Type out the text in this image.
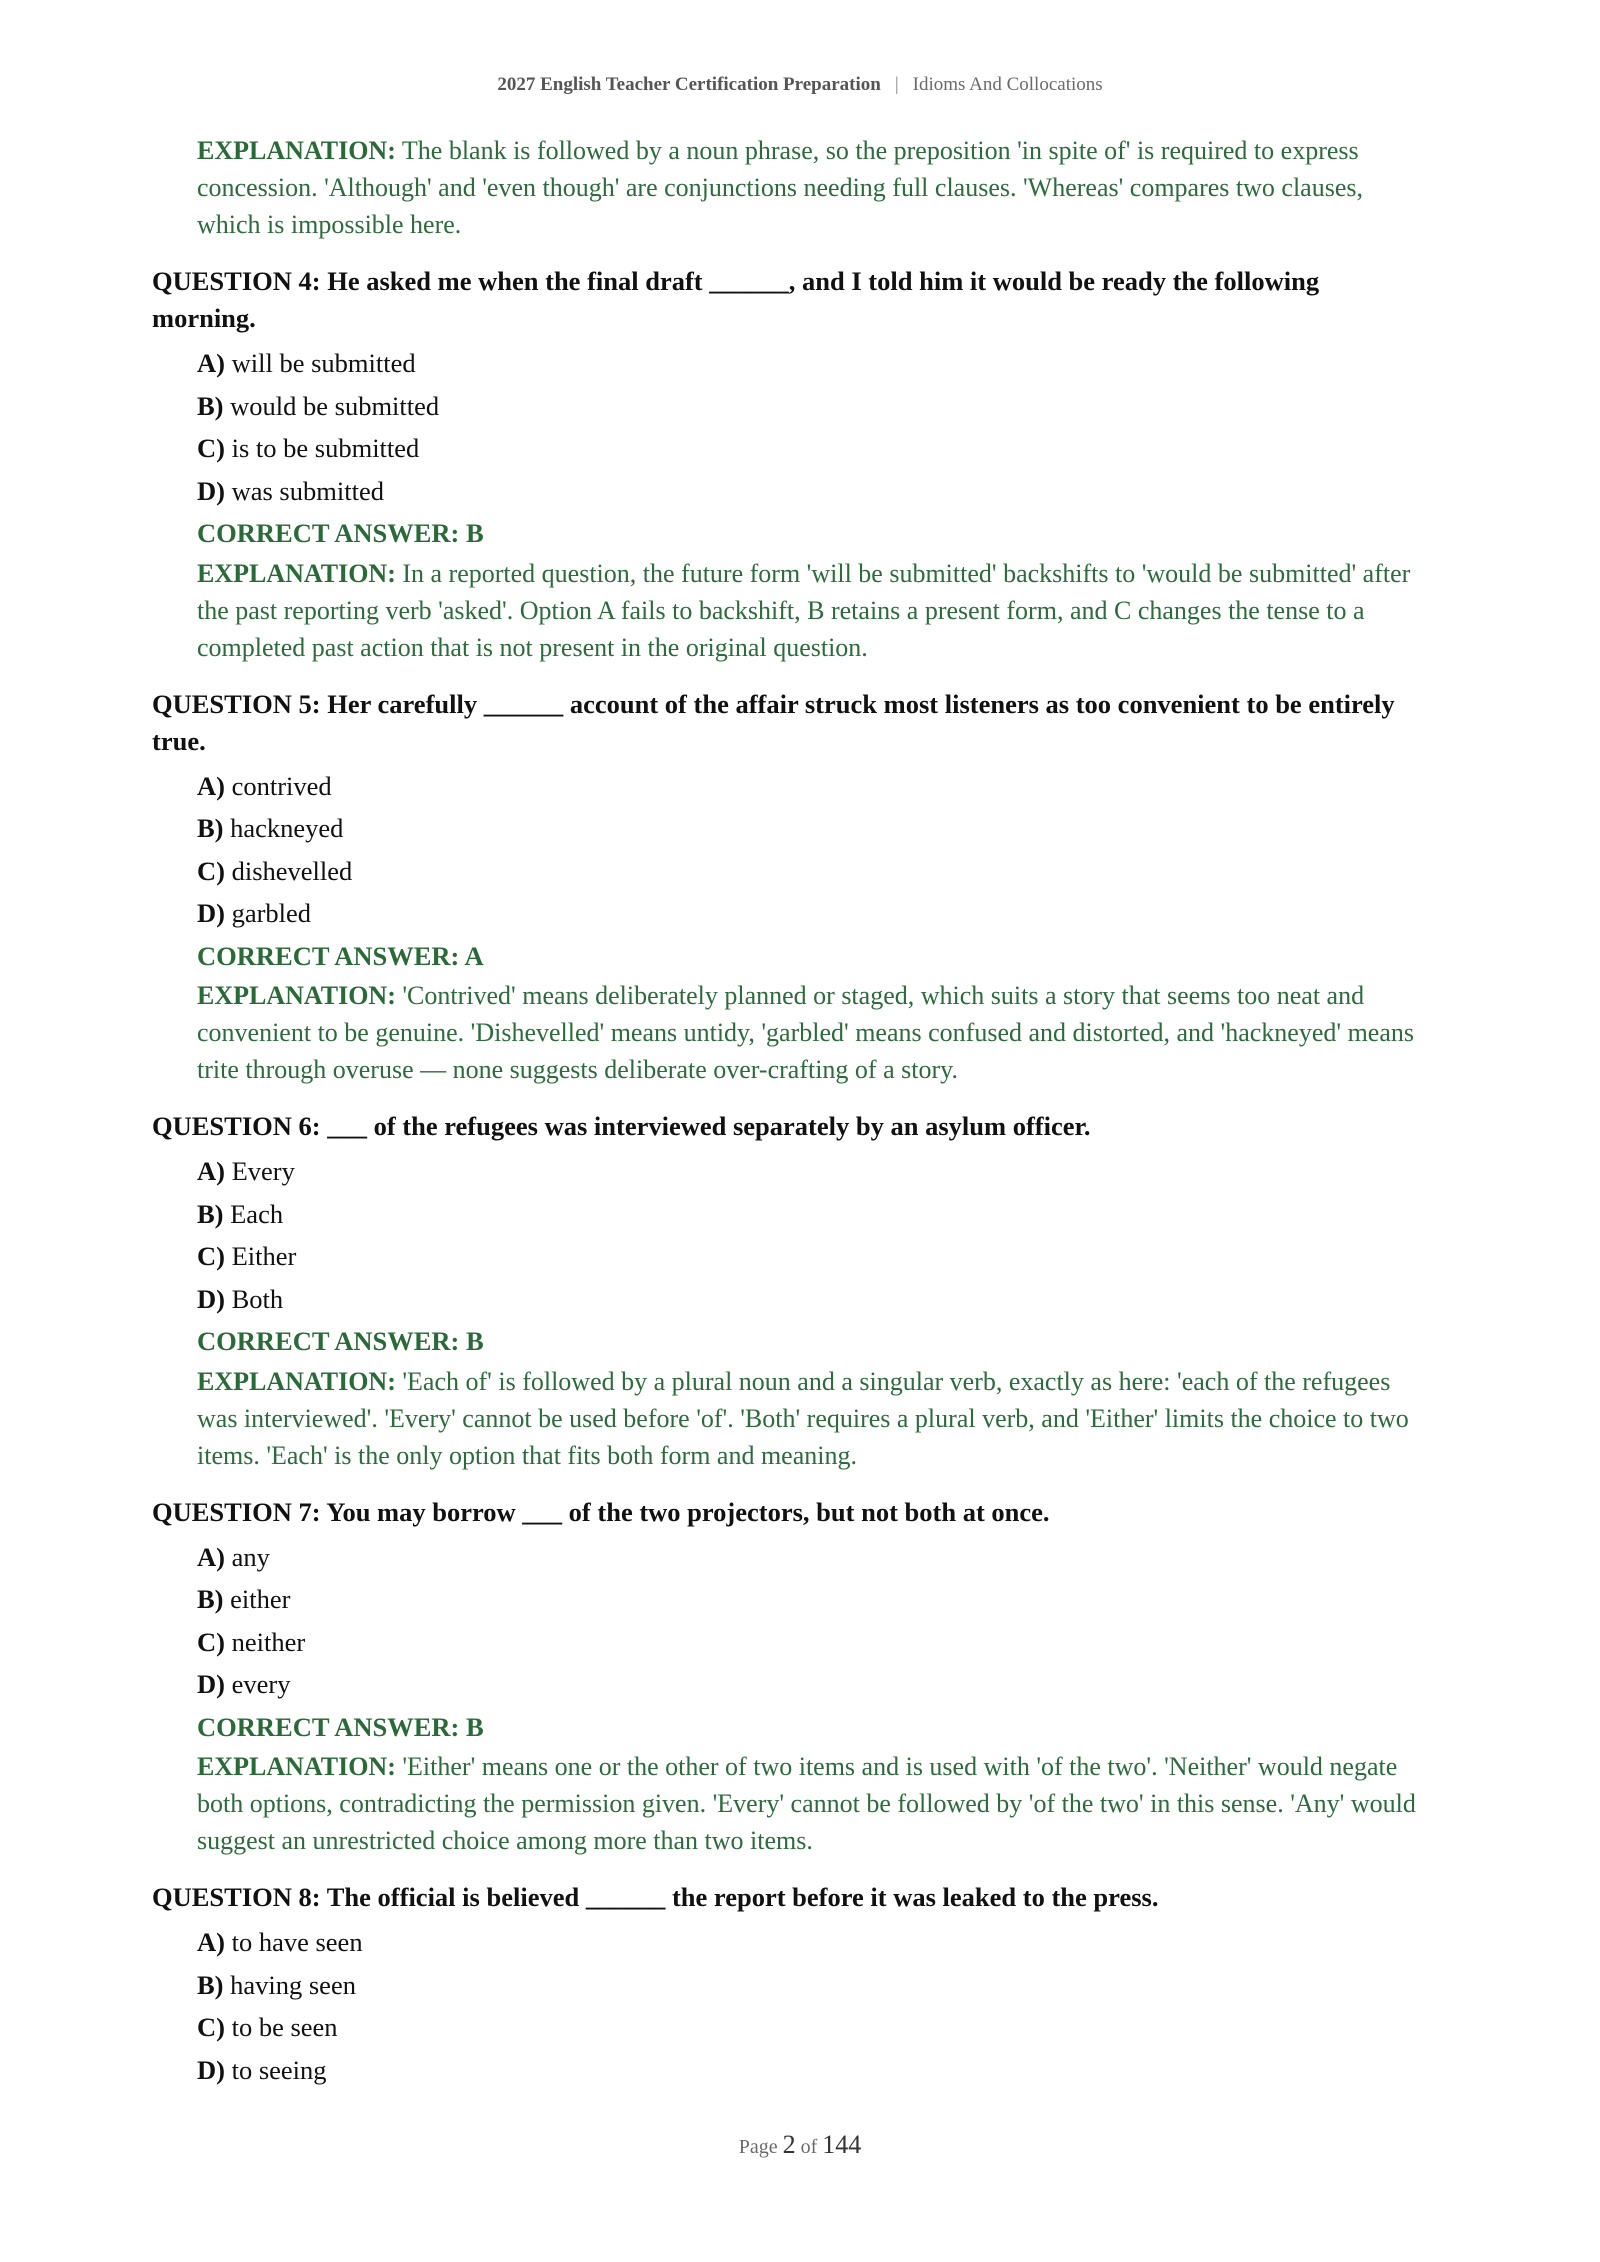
2027 English Teacher Certification Preparation | Idioms And Collocations
EXPLANATION: The blank is followed by a noun phrase, so the preposition 'in spite of' is required to express concession. 'Although' and 'even though' are conjunctions needing full clauses. 'Whereas' compares two clauses, which is impossible here.
QUESTION 4: He asked me when the final draft ______, and I told him it would be ready the following morning.
A) will be submitted
B) would be submitted
C) is to be submitted
D) was submitted
CORRECT ANSWER: B
EXPLANATION: In a reported question, the future form 'will be submitted' backshifts to 'would be submitted' after the past reporting verb 'asked'. Option A fails to backshift, B retains a present form, and C changes the tense to a completed past action that is not present in the original question.
QUESTION 5: Her carefully ______ account of the affair struck most listeners as too convenient to be entirely true.
A) contrived
B) hackneyed
C) dishevelled
D) garbled
CORRECT ANSWER: A
EXPLANATION: 'Contrived' means deliberately planned or staged, which suits a story that seems too neat and convenient to be genuine. 'Dishevelled' means untidy, 'garbled' means confused and distorted, and 'hackneyed' means trite through overuse — none suggests deliberate over-crafting of a story.
QUESTION 6: ___ of the refugees was interviewed separately by an asylum officer.
A) Every
B) Each
C) Either
D) Both
CORRECT ANSWER: B
EXPLANATION: 'Each of' is followed by a plural noun and a singular verb, exactly as here: 'each of the refugees was interviewed'. 'Every' cannot be used before 'of'. 'Both' requires a plural verb, and 'Either' limits the choice to two items. 'Each' is the only option that fits both form and meaning.
QUESTION 7: You may borrow ___ of the two projectors, but not both at once.
A) any
B) either
C) neither
D) every
CORRECT ANSWER: B
EXPLANATION: 'Either' means one or the other of two items and is used with 'of the two'. 'Neither' would negate both options, contradicting the permission given. 'Every' cannot be followed by 'of the two' in this sense. 'Any' would suggest an unrestricted choice among more than two items.
QUESTION 8: The official is believed ______ the report before it was leaked to the press.
A) to have seen
B) having seen
C) to be seen
D) to seeing
Page 2 of 144
